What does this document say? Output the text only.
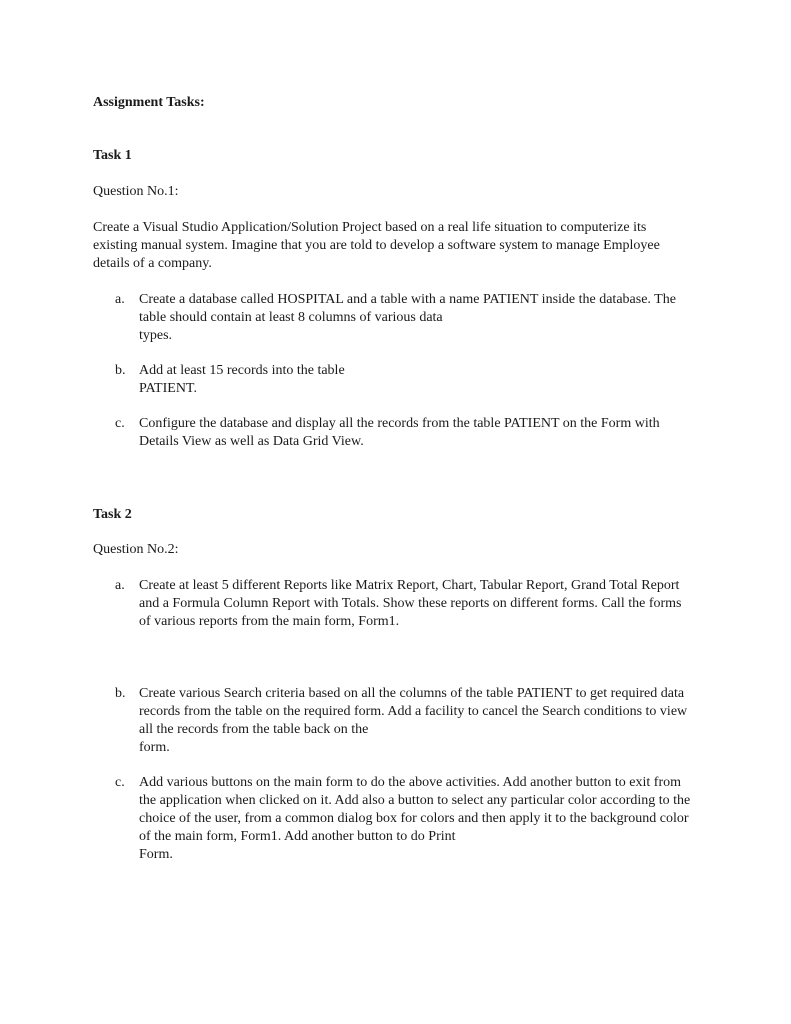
Assignment Tasks:
Task 1
Question No.1:
Create a Visual Studio Application/Solution Project based on a real life situation to computerize its
existing manual system. Imagine that you are told to develop a software system to manage Employee
details of a company.
a.	Create a database called HOSPITAL and a table with a name PATIENT inside the database. The
table should contain at least 8 columns of various data
types.
b. Add at least 15 records into the table
PATIENT.
c.	Configure the database and display all the records from the table PATIENT on the Form with
Details View as well as Data Grid View.
Task 2
Question No.2:
a.	Create at least 5 different Reports like Matrix Report, Chart, Tabular Report, Grand Total Report
and a Formula Column Report with Totals. Show these reports on different forms. Call the forms
of various reports from the main form, Form1.
b. Create various Search criteria based on all the columns of the table PATIENT to get required data
records from the table on the required form. Add a facility to cancel the Search conditions to view
all the records from the table back on the
form.
c.	Add various buttons on the main form to do the above activities. Add another button to exit from
the application when clicked on it. Add also a button to select any particular color according to the
choice of the user, from a common dialog box for colors and then apply it to the background color
of the main form, Form1. Add another button to do Print
Form.
